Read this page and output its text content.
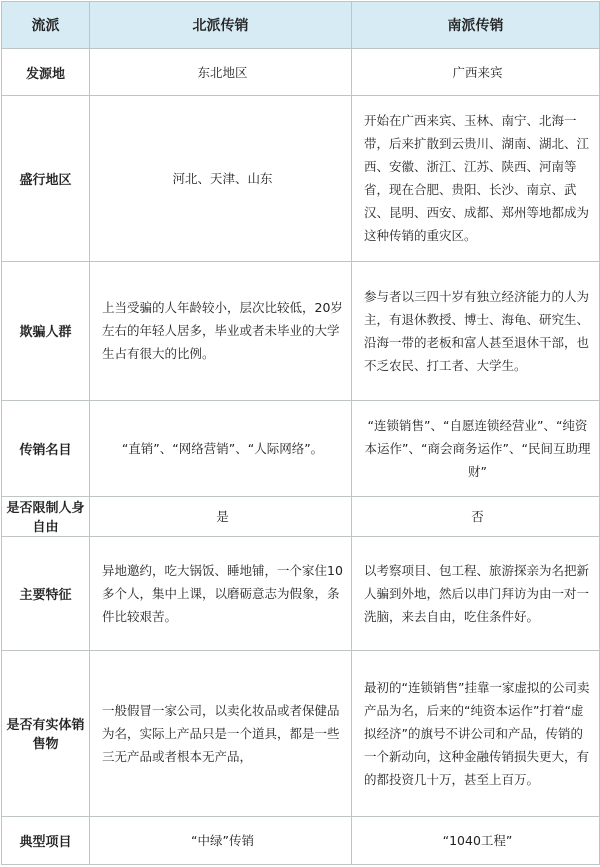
流派	北派传销	南派传销
发源地	东北地区	广西来宾
盛行地区	河北、天津、山东	开始在广西来宾、玉林、南宁、北海一带，后来扩散到云贵川、湖南、湖北、江西、安徽、浙江、江苏、陕西、河南等省，现在合肥、贵阳、长沙、南京、武汉、昆明、西安、成都、郑州等地都成为这种传销的重灾区。
欺骗人群	上当受骗的人年龄较小，层次比较低，20岁左右的年轻人居多，毕业或者未毕业的大学生占有很大的比例。	参与者以三四十岁有独立经济能力的人为主，有退休教授、博士、海龟、研究生、沿海一带的老板和富人甚至退休干部，也不乏农民、打工者、大学生。
传销名目	“直销”、“网络营销”、“人际网络”。	“连锁销售”、“自愿连锁经营业”、“纯资本运作”、“商会商务运作”、“民间互助理财”
是否限制人身自由	是	否
主要特征	异地邀约，吃大锅饭、睡地铺，一个家住10多个人，集中上课，以磨砺意志为假象，条件比较艰苦。	以考察项目、包工程、旅游探亲为名把新人骗到外地，然后以串门拜访为由一对一洗脑，来去自由，吃住条件好。
是否有实体销售物	一般假冒一家公司，以卖化妆品或者保健品为名，实际上产品只是一个道具，都是一些三无产品或者根本无产品，	最初的“连锁销售”挂靠一家虚拟的公司卖产品为名，后来的“纯资本运作”打着“虚拟经济”的旗号不讲公司和产品，传销的一个新动向，这种金融传销损失更大，有的都投资几十万，甚至上百万。
典型项目	“中绿”传销	“1040工程”
